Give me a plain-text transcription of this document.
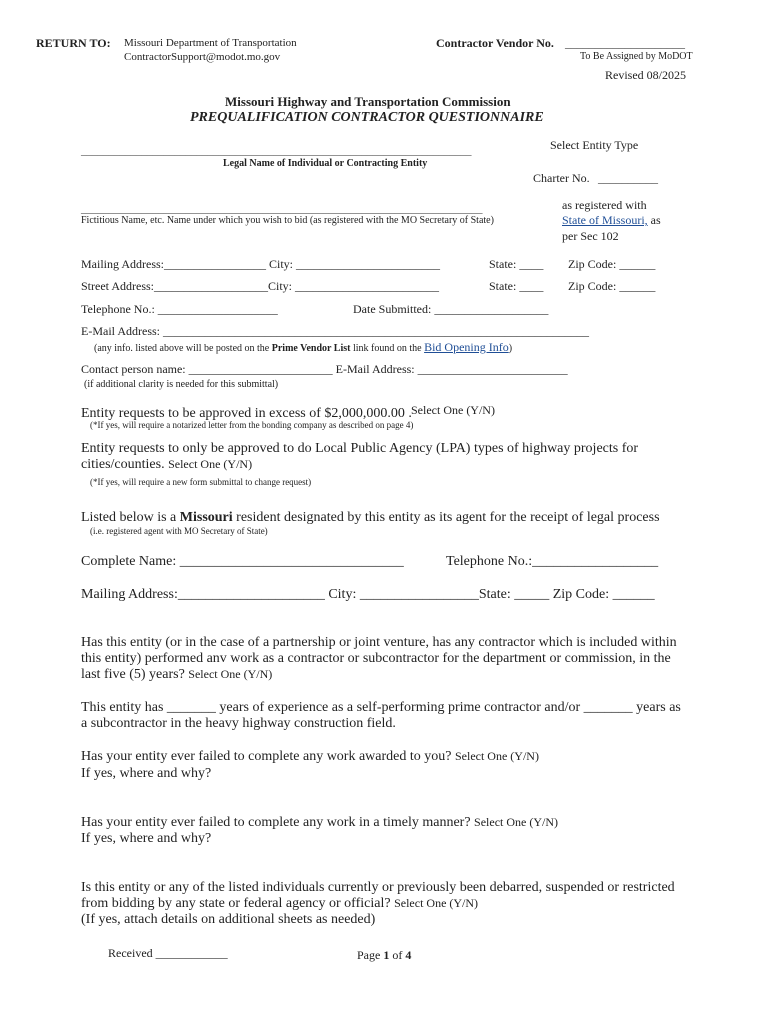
RETURN TO: Missouri Department of Transportation
ContractorSupport@modot.mo.gov
Contractor Vendor No. ____________________
To Be Assigned by MoDOT
Revised 08/2025
Missouri Highway and Transportation Commission
PREQUALIFICATION CONTRACTOR QUESTIONNAIRE
Select Entity Type
_______________________________________________________________________
Legal Name of Individual or Contracting Entity
Charter No. __________
_________________________________________________________________________
Fictitious Name, etc. Name under which you wish to bid (as registered with the MO Secretary of State)
as registered with
State of Missouri, as
per Sec 102
Mailing Address:_________________ City: ________________________	State: ____ Zip Code: ______
Street Address:___________________City: ________________________	State: ____ Zip Code: ______
Telephone No.: ____________________	Date Submitted: ___________________
E-Mail Address: _______________________________________________________________________
(any info. listed above will be posted on the Prime Vendor List link found on the Bid Opening Info)
Contact person name: ________________________ E-Mail Address: _________________________
(if additional clarity is needed for this submittal)
Entity requests to be approved in excess of $2,000,000.00 . Select One (Y/N)
(*If yes, will require a notarized letter from the bonding company as described on page 4)
Entity requests to only be approved to do Local Public Agency (LPA) types of highway projects for
cities/counties. Select One (Y/N)
(*If yes, will require a new form submittal to change request)
Listed below is a Missouri resident designated by this entity as its agent for the receipt of legal process
(i.e. registered agent with MO Secretary of State)
Complete Name: ________________________________	Telephone No.:__________________
Mailing Address:_____________________ City: _________________State: _____ Zip Code: ______
Has this entity (or in the case of a partnership or joint venture, has any contractor which is included within
this entity) performed anv work as a contractor or subcontractor for the department or commission, in the
last five (5) years? Select One (Y/N)
This entity has _______ years of experience as a self-performing prime contractor and/or _______ years as
a subcontractor in the heavy highway construction field.
Has your entity ever failed to complete any work awarded to you? Select One (Y/N)
If yes, where and why?
Has your entity ever failed to complete any work in a timely manner? Select One (Y/N)
If yes, where and why?
Is this entity or any of the listed individuals currently or previously been debarred, suspended or restricted
from bidding by any state or federal agency or official? Select One (Y/N)
(If yes, attach details on additional sheets as needed)
Received ____________	Page 1 of 4
